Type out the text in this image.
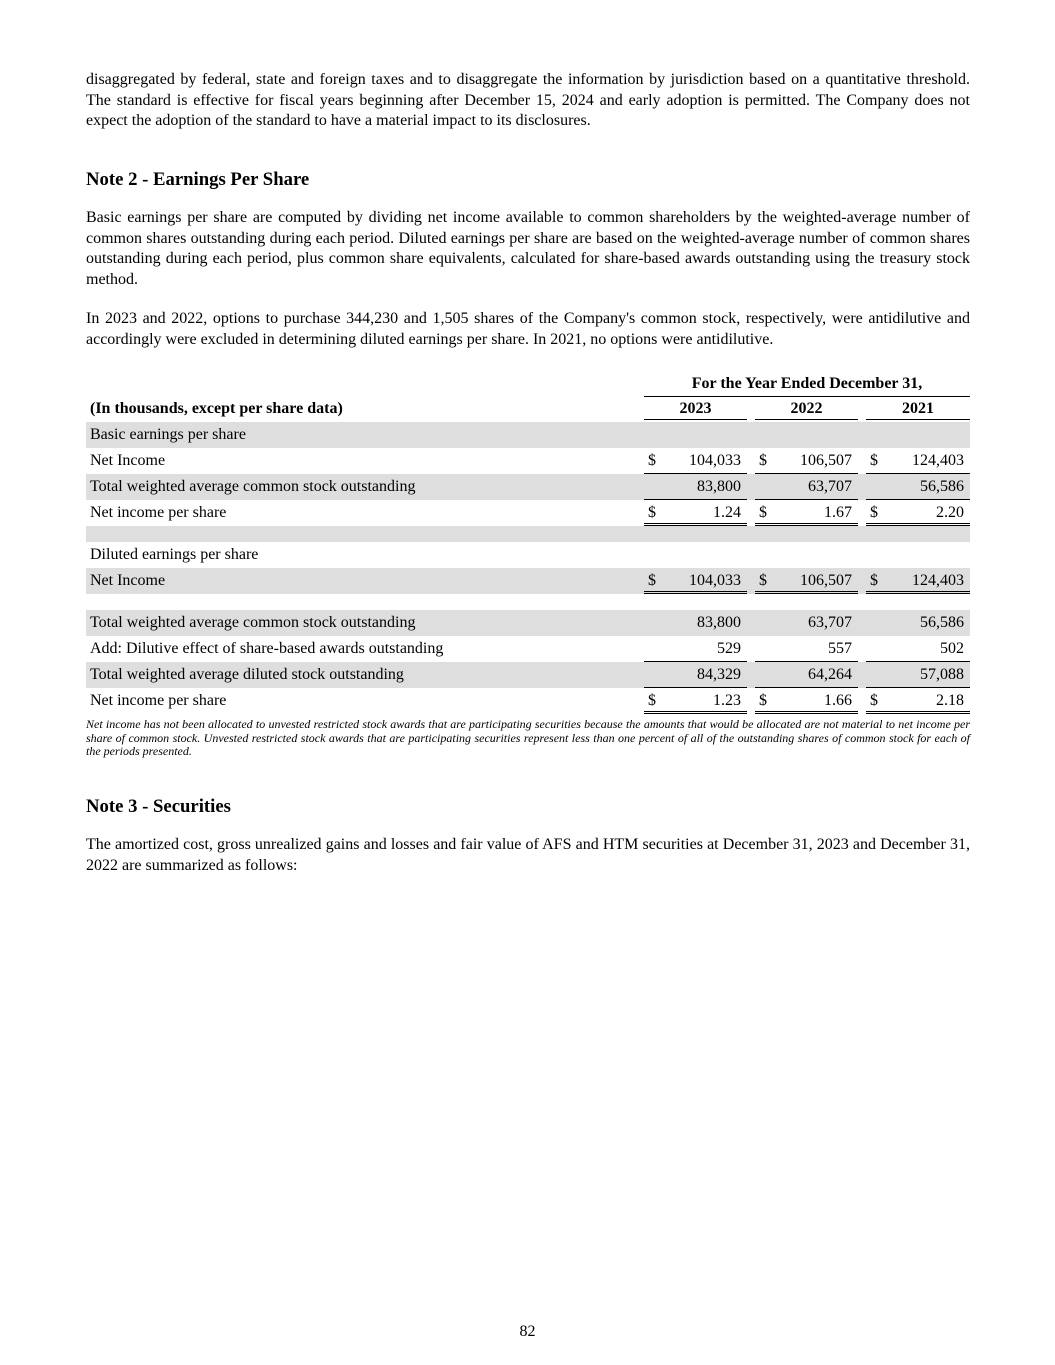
disaggregated by federal, state and foreign taxes and to disaggregate the information by jurisdiction based on a quantitative threshold. The standard is effective for fiscal years beginning after December 15, 2024 and early adoption is permitted. The Company does not expect the adoption of the standard to have a material impact to its disclosures.

Note 2 - Earnings Per Share

Basic earnings per share are computed by dividing net income available to common shareholders by the weighted-average number of common shares outstanding during each period. Diluted earnings per share are based on the weighted-average number of common shares outstanding during each period, plus common share equivalents, calculated for share-based awards outstanding using the treasury stock method.

In 2023 and 2022, options to purchase 344,230 and 1,505 shares of the Company's common stock, respectively, were antidilutive and accordingly were excluded in determining diluted earnings per share. In 2021, no options were antidilutive.

For the Year Ended December 31,
(In thousands, except per share data)	2023	2022	2021
Basic earnings per share
Net Income	$ 104,033 $ 106,507 $ 124,403
Total weighted average common stock outstanding	83,800	63,707	56,586
Net income per share	$	1.24 $	1.67 $	2.20
Diluted earnings per share
Net Income	$ 104,033 $ 106,507 $ 124,403
Total weighted average common stock outstanding	83,800	63,707	56,586
Add: Dilutive effect of share-based awards outstanding	529	557	502
Total weighted average diluted stock outstanding	84,329	64,264	57,088
Net income per share	$	1.23 $	1.66 $	2.18

Net income has not been allocated to unvested restricted stock awards that are participating securities because the amounts that would be allocated are not material to net income per share of common stock. Unvested restricted stock awards that are participating securities represent less than one percent of all of the outstanding shares of common stock for each of the periods presented.

Note 3 - Securities

The amortized cost, gross unrealized gains and losses and fair value of AFS and HTM securities at December 31, 2023 and December 31, 2022 are summarized as follows:

82
